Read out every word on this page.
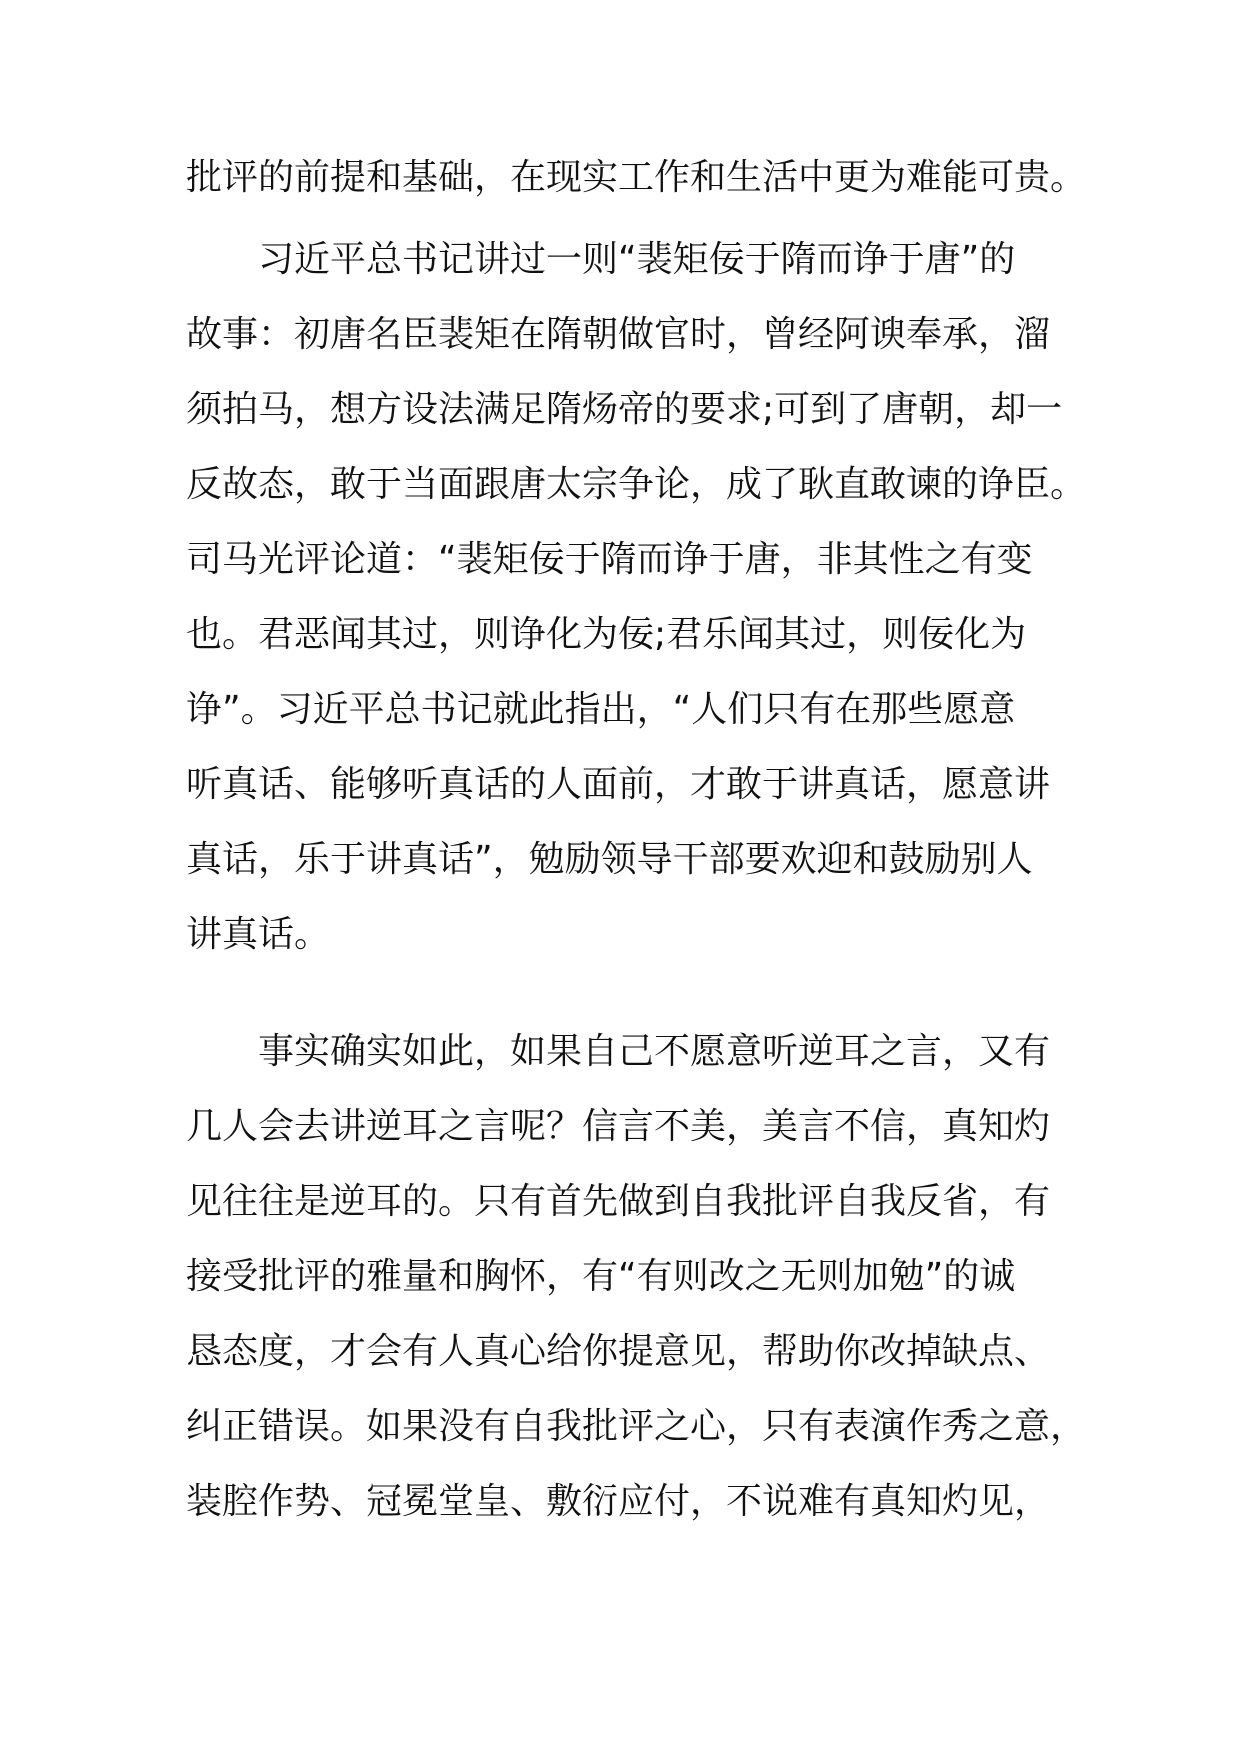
批评的前提和基础，在现实工作和生活中更为难能可贵。
习近平总书记讲过一则“裴矩佞于隋而诤于唐”的
故事：初唐名臣裴矩在隋朝做官时，曾经阿谀奉承，溜
须拍马，想方设法满足隋炀帝的要求;可到了唐朝，却一
反故态，敢于当面跟唐太宗争论，成了耿直敢谏的诤臣。
司马光评论道：“裴矩佞于隋而诤于唐，非其性之有变
也。君恶闻其过，则诤化为佞;君乐闻其过，则佞化为
诤”。习近平总书记就此指出，“人们只有在那些愿意
听真话、能够听真话的人面前，才敢于讲真话，愿意讲
真话，乐于讲真话”，勉励领导干部要欢迎和鼓励别人
讲真话。
事实确实如此，如果自己不愿意听逆耳之言，又有
几人会去讲逆耳之言呢？信言不美，美言不信，真知灼
见往往是逆耳的。只有首先做到自我批评自我反省，有
接受批评的雅量和胸怀，有“有则改之无则加勉”的诚
恳态度，才会有人真心给你提意见，帮助你改掉缺点、
纠正错误。如果没有自我批评之心，只有表演作秀之意，
装腔作势、冠冕堂皇、敷衍应付，不说难有真知灼见，
